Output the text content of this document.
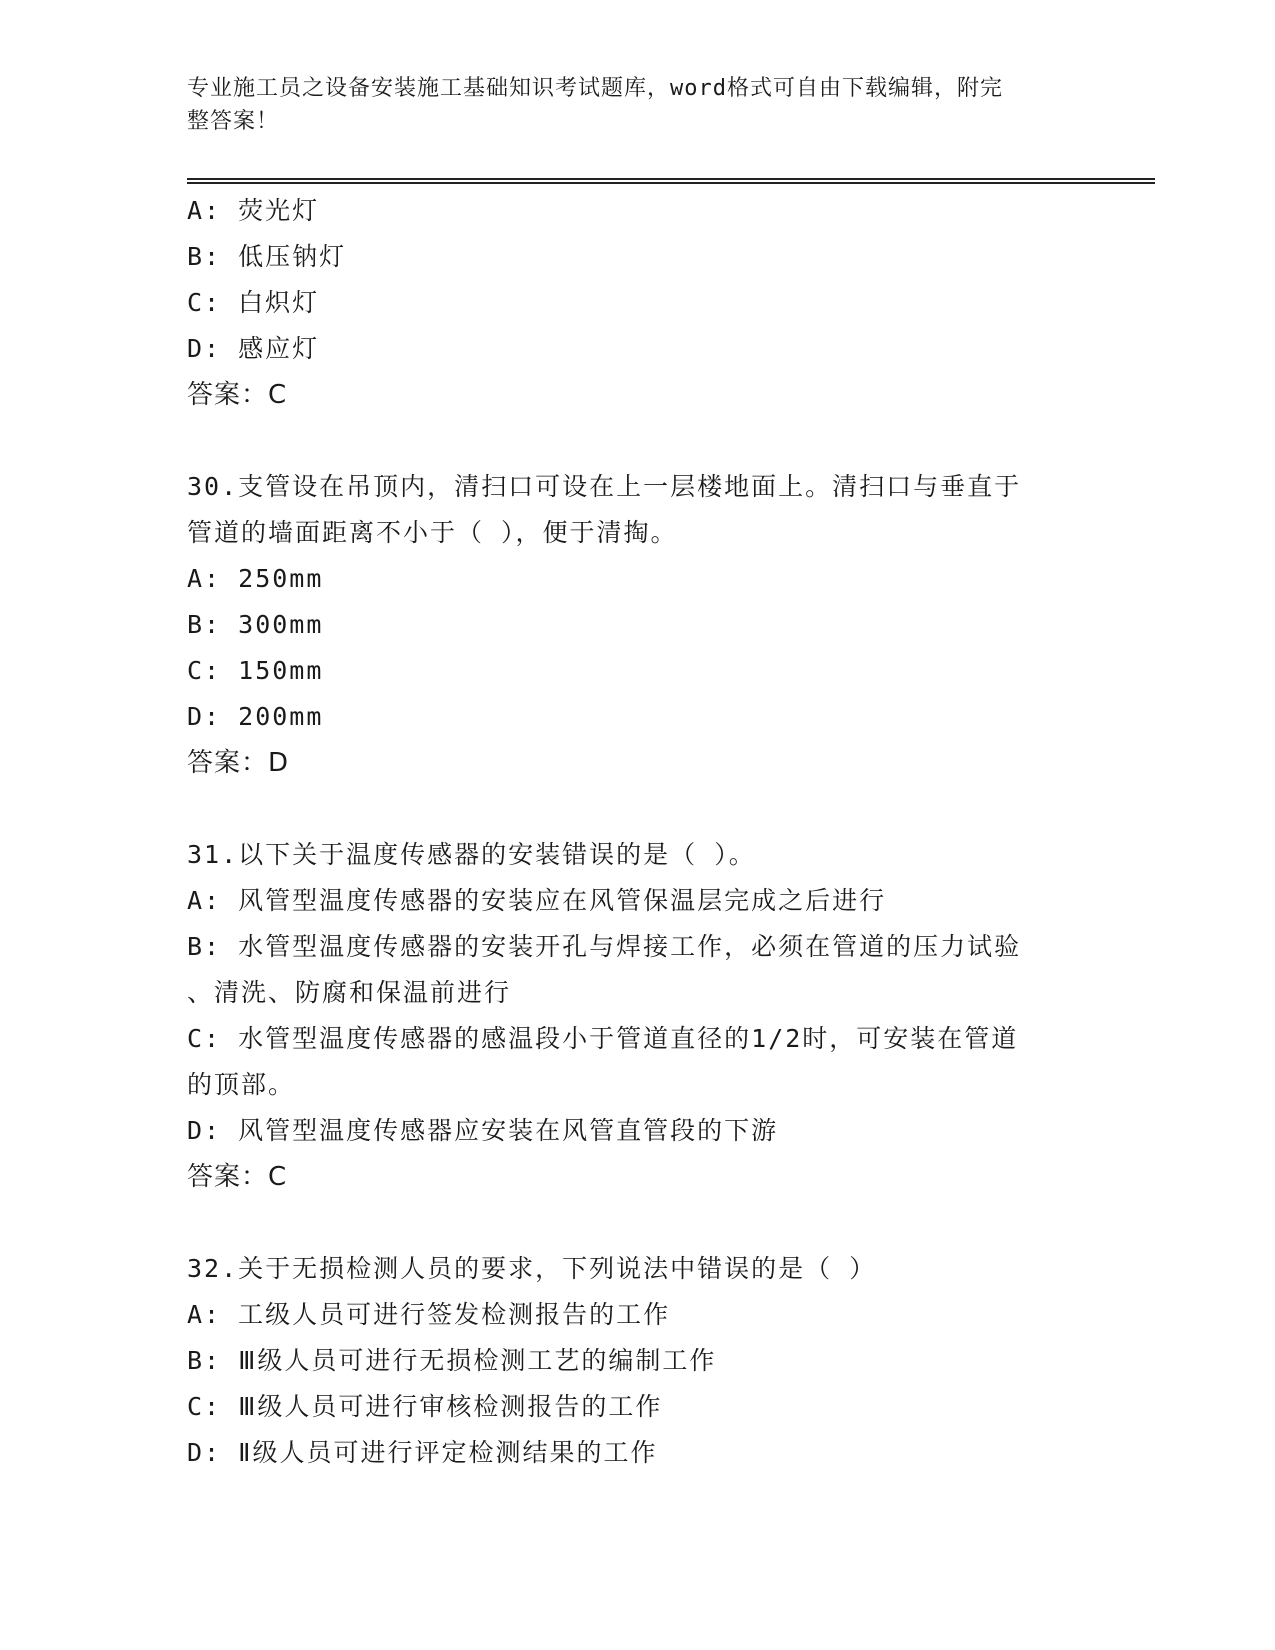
专业施工员之设备安装施工基础知识考试题库，word格式可自由下载编辑，附完
整答案！
A: 荧光灯
B: 低压钠灯
C: 白炽灯
D: 感应灯
答案：C
30.支管设在吊顶内，清扫口可设在上一层楼地面上。清扫口与垂直于
管道的墙面距离不小于（ ），便于清掏。
A: 250mm
B: 300mm
C: 150mm
D: 200mm
答案：D
31.以下关于温度传感器的安装错误的是（ ）。
A: 风管型温度传感器的安装应在风管保温层完成之后进行
B: 水管型温度传感器的安装开孔与焊接工作，必须在管道的压力试验
、清洗、防腐和保温前进行
C: 水管型温度传感器的感温段小于管道直径的1/2时，可安装在管道
的顶部。
D: 风管型温度传感器应安装在风管直管段的下游
答案：C
32.关于无损检测人员的要求，下列说法中错误的是（ ）
A: 工级人员可进行签发检测报告的工作
B: Ⅲ级人员可进行无损检测工艺的编制工作
C: Ⅲ级人员可进行审核检测报告的工作
D: Ⅱ级人员可进行评定检测结果的工作
